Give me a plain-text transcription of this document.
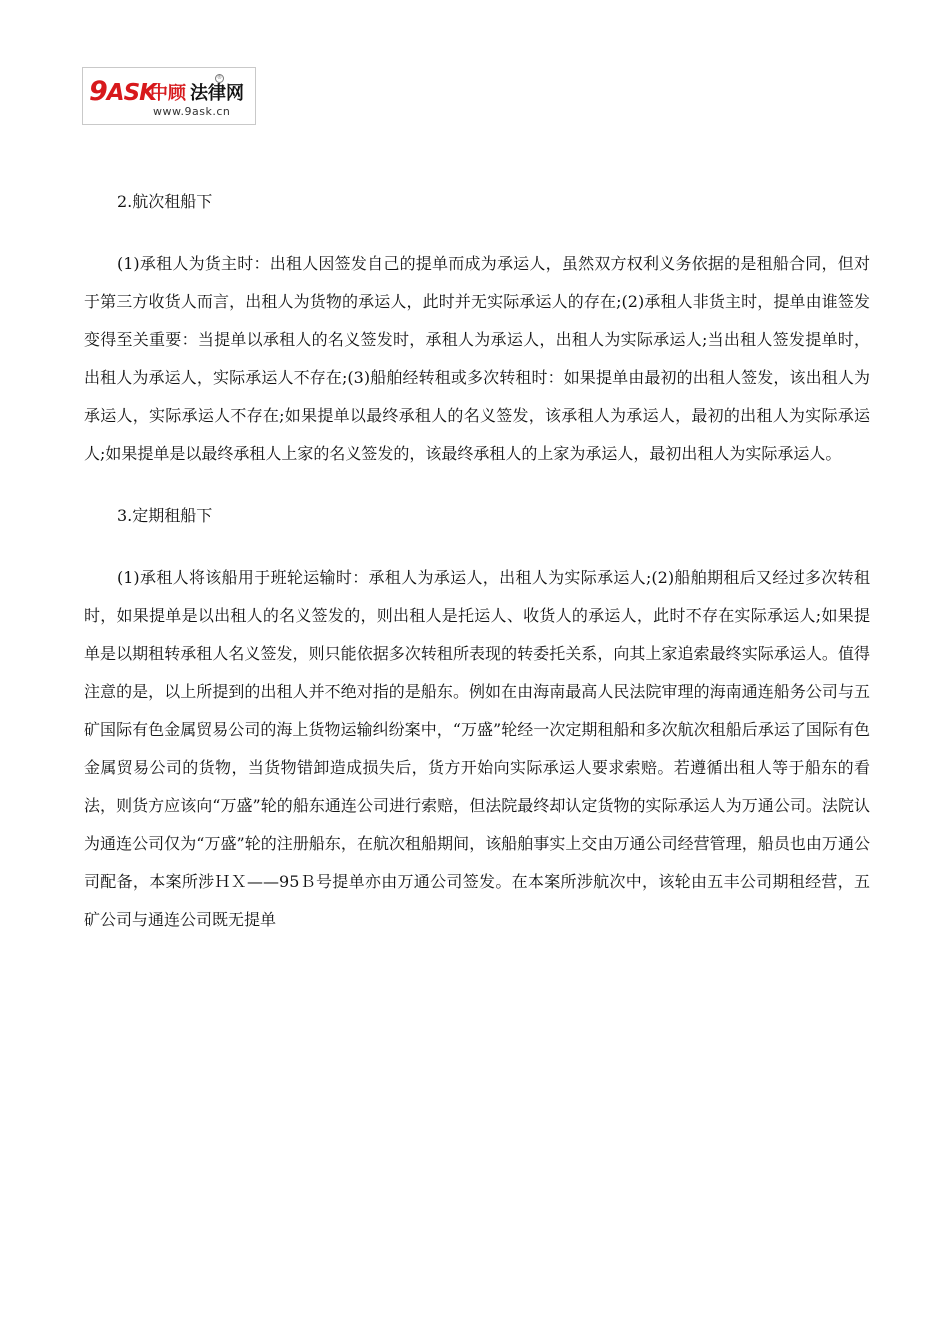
9ASK
中顾 法律网
®
www.9ask.cn

2.航次租船下

(1)承租人为货主时：出租人因签发自己的提单而成为承运人，虽然双方权利义务依据的是租船合同，但对于第三方收货人而言，出租人为货物的承运人，此时并无实际承运人的存在;(2)承租人非货主时，提单由谁签发变得至关重要：当提单以承租人的名义签发时，承租人为承运人，出租人为实际承运人;当出租人签发提单时，出租人为承运人，实际承运人不存在;(3)船舶经转租或多次转租时：如果提单由最初的出租人签发，该出租人为承运人，实际承运人不存在;如果提单以最终承租人的名义签发，该承租人为承运人，最初的出租人为实际承运人;如果提单是以最终承租人上家的名义签发的，该最终承租人的上家为承运人，最初出租人为实际承运人。

3.定期租船下

(1)承租人将该船用于班轮运输时：承租人为承运人，出租人为实际承运人;(2)船舶期租后又经过多次转租时，如果提单是以出租人的名义签发的，则出租人是托运人、收货人的承运人，此时不存在实际承运人;如果提单是以期租转承租人名义签发，则只能依据多次转租所表现的转委托关系，向其上家追索最终实际承运人。值得注意的是，以上所提到的出租人并不绝对指的是船东。例如在由海南最高人民法院审理的海南通连船务公司与五矿国际有色金属贸易公司的海上货物运输纠纷案中，“万盛”轮经一次定期租船和多次航次租船后承运了国际有色金属贸易公司的货物，当货物错卸造成损失后，货方开始向实际承运人要求索赔。若遵循出租人等于船东的看法，则货方应该向“万盛”轮的船东通连公司进行索赔，但法院最终却认定货物的实际承运人为万通公司。法院认为通连公司仅为“万盛”轮的注册船东，在航次租船期间，该船舶事实上交由万通公司经营管理，船员也由万通公司配备，本案所涉ＨＸ——95Ｂ号提单亦由万通公司签发。在本案所涉航次中，该轮由五丰公司期租经营，五矿公司与通连公司既无提单
